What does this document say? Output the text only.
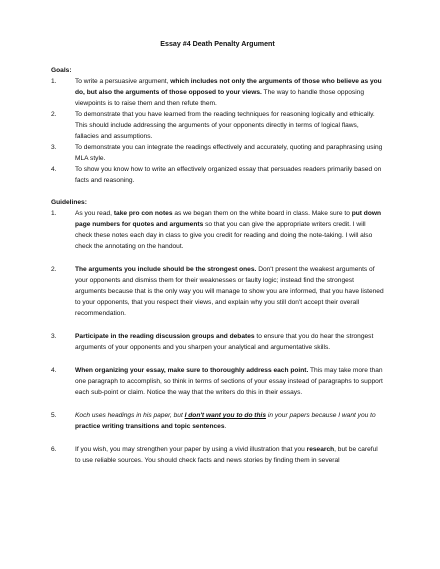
Essay #4 Death Penalty Argument
Goals:
1.	To write a persuasive argument, which includes not only the arguments of those who believe as you do, but also the arguments of those opposed to your views. The way to handle those opposing viewpoints is to raise them and then refute them.
2.	To demonstrate that you have learned from the reading techniques for reasoning logically and ethically. This should include addressing the arguments of your opponents directly in terms of logical flaws, fallacies and assumptions.
3.	To demonstrate you can integrate the readings effectively and accurately, quoting and paraphrasing using MLA style.
4.	To show you know how to write an effectively organized essay that persuades readers primarily based on facts and reasoning.
Guidelines:
1.	As you read, take pro con notes as we began them on the white board in class. Make sure to put down page numbers for quotes and arguments so that you can give the appropriate writers credit. I will check these notes each day in class to give you credit for reading and doing the note-taking. I will also check the annotating on the handout.
2.	The arguments you include should be the strongest ones. Don't present the weakest arguments of your opponents and dismiss them for their weaknesses or faulty logic; instead find the strongest arguments because that is the only way you will manage to show you are informed, that you have listened to your opponents, that you respect their views, and explain why you still don't accept their overall recommendation.
3.	Participate in the reading discussion groups and debates to ensure that you do hear the strongest arguments of your opponents and you sharpen your analytical and argumentative skills.
4.	When organizing your essay, make sure to thoroughly address each point. This may take more than one paragraph to accomplish, so think in terms of sections of your essay instead of paragraphs to support each sub-point or claim. Notice the way that the writers do this in their essays.
5.	Koch uses headings in his paper, but I don't want you to do this in your papers because I want you to practice writing transitions and topic sentences.
6.	If you wish, you may strengthen your paper by using a vivid illustration that you research, but be careful to use reliable sources. You should check facts and news stories by finding them in several
